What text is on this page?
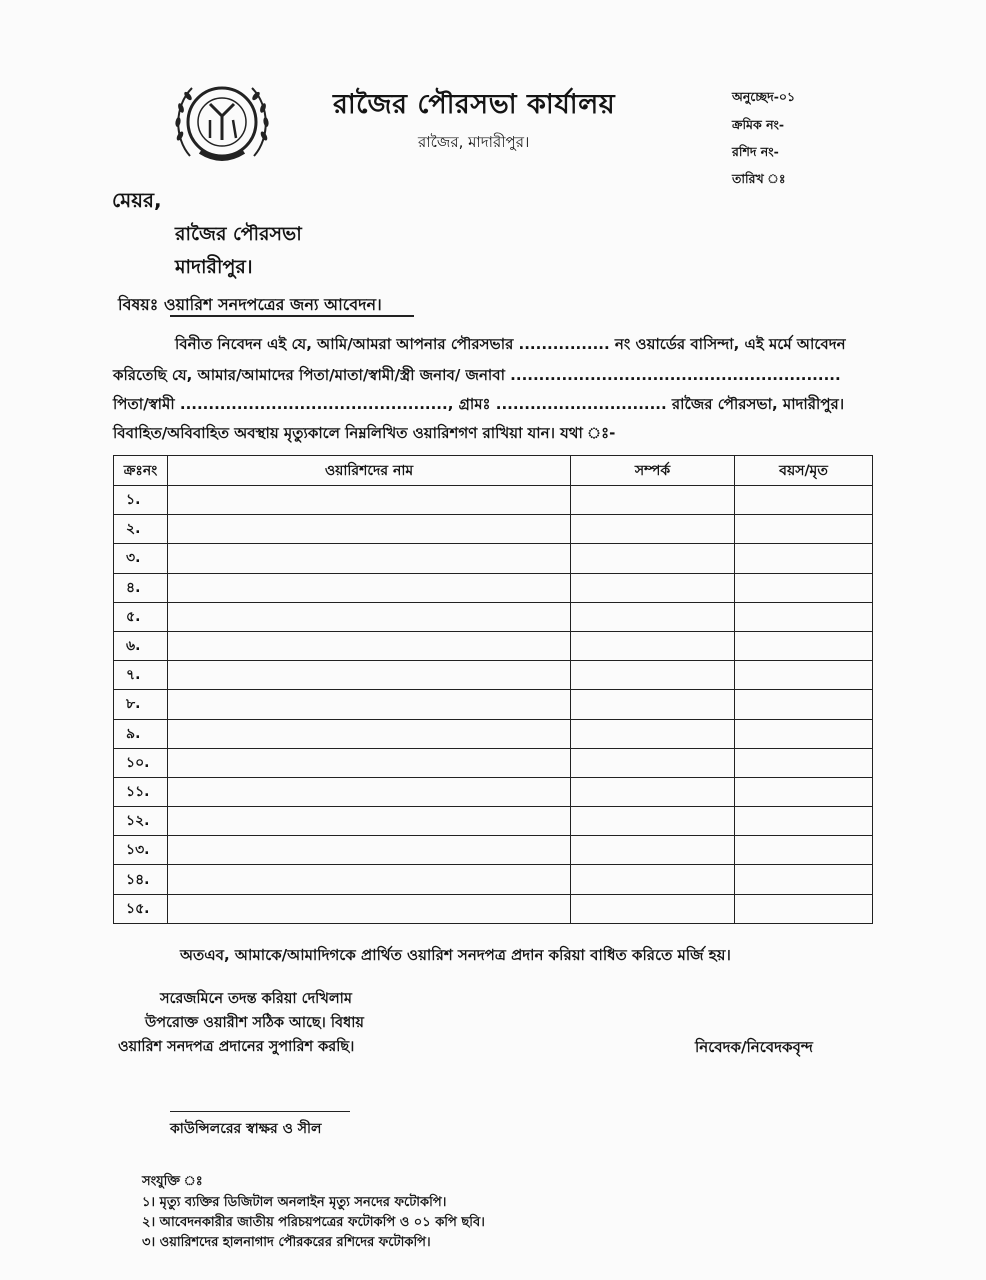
রাজৈর পৌরসভা কার্যালয়
রাজৈর, মাদারীপুর।
অনুচ্ছেদ-০১
ক্রমিক নং-
রশিদ নং-
তারিখ ঃ
মেয়র,
রাজৈর পৌরসভা
মাদারীপুর।
বিষয়ঃ ওয়ারিশ সনদপত্রের জন্য আবেদন।
বিনীত নিবেদন এই যে, আমি/আমরা আপনার পৌরসভার ................ নং ওয়ার্ডের বাসিন্দা, এই মর্মে আবেদন
করিতেছি যে, আমার/আমাদের পিতা/মাতা/স্বামী/স্ত্রী জনাব/ জনাবা ..........................................................
পিতা/স্বামী ..............................................., গ্রামঃ .............................. রাজৈর পৌরসভা, মাদারীপুর।
বিবাহিত/অবিবাহিত অবস্থায় মৃত্যুকালে নিম্নলিখিত ওয়ারিশগণ রাখিয়া যান। যথা ঃ-
ক্রঃনং	ওয়ারিশদের নাম	সম্পর্ক	বয়স/মৃত
১.			
২.			
৩.			
৪.			
৫.			
৬.			
৭.			
৮.			
৯.			
১০.			
১১.			
১২.			
১৩.			
১৪.			
১৫.			
অতএব, আমাকে/আমাদিগকে প্রার্থিত ওয়ারিশ সনদপত্র প্রদান করিয়া বাধিত করিতে মর্জি হয়।
সরেজমিনে তদন্ত করিয়া দেখিলাম
উপরোক্ত ওয়ারীশ সঠিক আছে। বিধায়
ওয়ারিশ সনদপত্র প্রদানের সুপারিশ করছি।	নিবেদক/নিবেদকবৃন্দ
কাউন্সিলরের স্বাক্ষর ও সীল
সংযুক্তি ঃ
১। মৃত্যু ব্যক্তির ডিজিটাল অনলাইন মৃত্যু সনদের ফটোকপি।
২। আবেদনকারীর জাতীয় পরিচয়পত্রের ফটোকপি ও ০১ কপি ছবি।
৩। ওয়ারিশদের হালনাগাদ পৌরকরের রশিদের ফটোকপি।
